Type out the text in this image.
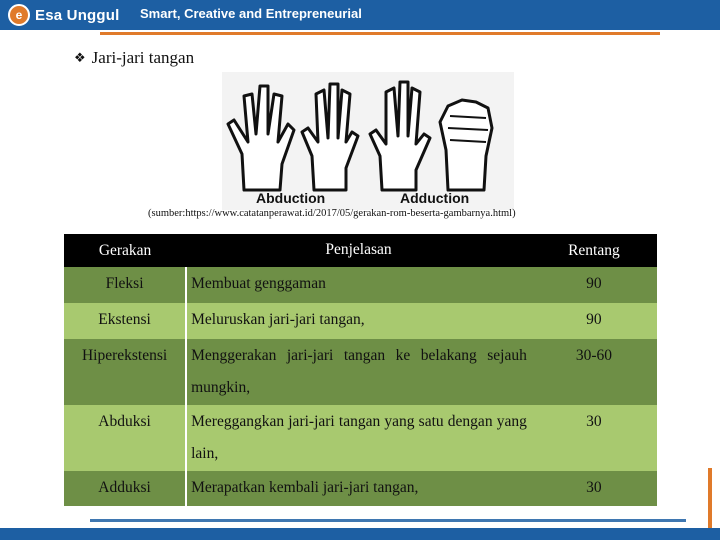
e Esa Unggul Smart, Creative and Entrepreneurial
❖ Jari-jari tangan
Abduction	Adduction
(sumber:https://www.catatanperawat.id/2017/05/gerakan-rom-beserta-gambarnya.html)
Gerakan	Penjelasan	Rentang
Fleksi	Membuat genggaman	90
Ekstensi	Meluruskan jari-jari tangan,	90
Hiperekstensi	Menggerakan jari-jari tangan ke belakang sejauh mungkin,	30-60
Abduksi	Mereggangkan jari-jari tangan yang satu dengan yang lain,	30
Adduksi	Merapatkan kembali jari-jari tangan,	30
